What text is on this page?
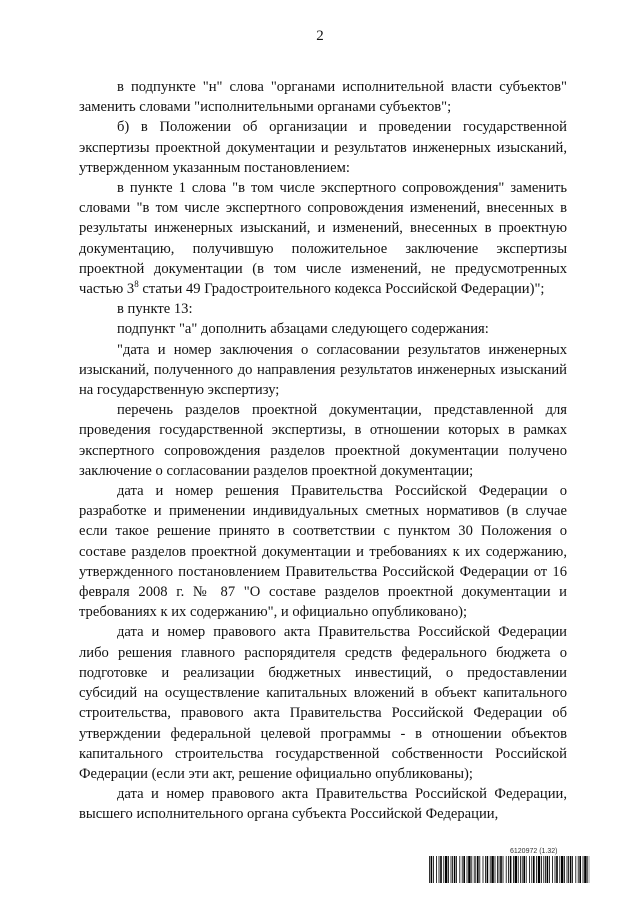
2

в подпункте "н" слова "органами исполнительной власти субъектов" заменить словами "исполнительными органами субъектов";

б) в Положении об организации и проведении государственной экспертизы проектной документации и результатов инженерных изысканий, утвержденном указанным постановлением:

в пункте 1 слова "в том числе экспертного сопровождения" заменить словами "в том числе экспертного сопровождения изменений, внесенных в результаты инженерных изысканий, и изменений, внесенных в проектную документацию, получившую положительное заключение экспертизы проектной документации (в том числе изменений, не предусмотренных частью $3^8$ статьи 49 Градостроительного кодекса Российской Федерации)";

в пункте 13:

подпункт "а" дополнить абзацами следующего содержания:

"дата и номер заключения о согласовании результатов инженерных изысканий, полученного до направления результатов инженерных изысканий на государственную экспертизу;

перечень разделов проектной документации, представленной для проведения государственной экспертизы, в отношении которых в рамках экспертного сопровождения разделов проектной документации получено заключение о согласовании разделов проектной документации;

дата и номер решения Правительства Российской Федерации о разработке и применении индивидуальных сметных нормативов (в случае если такое решение принято в соответствии с пунктом 30 Положения о составе разделов проектной документации и требованиях к их содержанию, утвержденного постановлением Правительства Российской Федерации от 16 февраля 2008 г. № 87 "О составе разделов проектной документации и требованиях к их содержанию", и официально опубликовано);

дата и номер правового акта Правительства Российской Федерации либо решения главного распорядителя средств федерального бюджета о подготовке и реализации бюджетных инвестиций, о предоставлении субсидий на осуществление капитальных вложений в объект капитального строительства, правового акта Правительства Российской Федерации об утверждении федеральной целевой программы - в отношении объектов капитального строительства государственной собственности Российской Федерации (если эти акт, решение официально опубликованы);

дата и номер правового акта Правительства Российской Федерации, высшего исполнительного органа субъекта Российской Федерации,

6120972 (1.32)
